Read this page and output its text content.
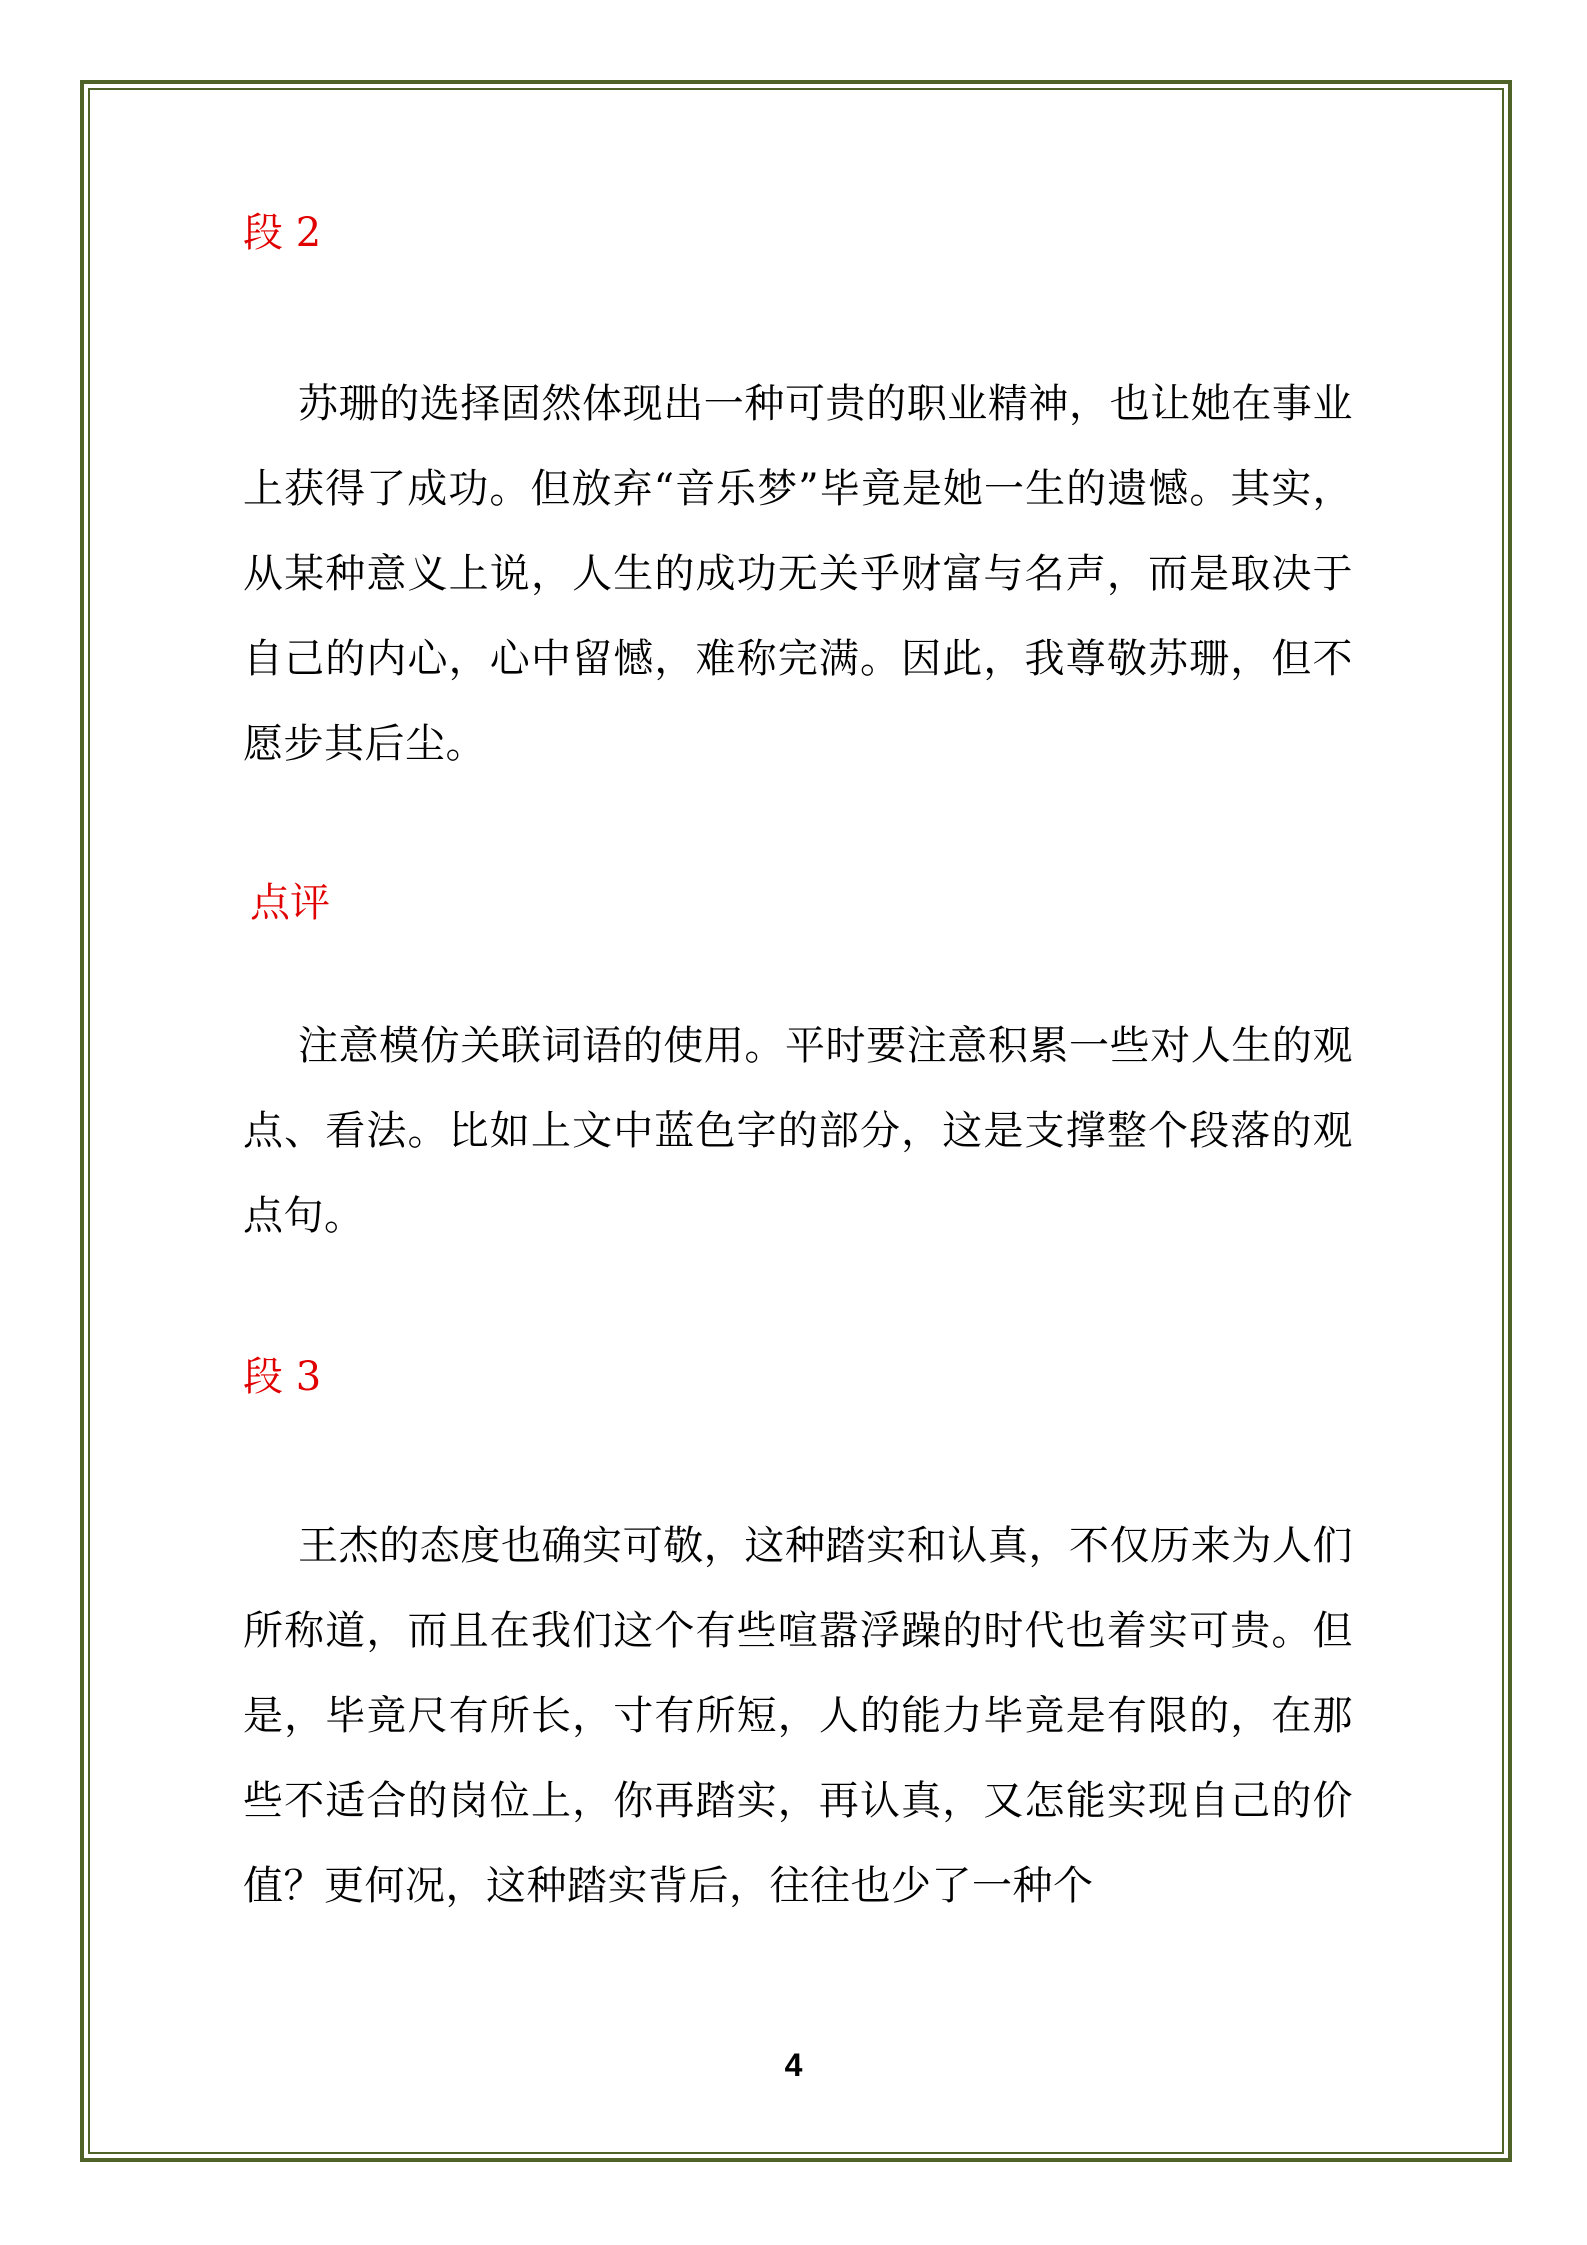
段 2
苏珊的选择固然体现出一种可贵的职业精神，也让她在事业上获得了成功。但放弃“音乐梦”毕竟是她一生的遗憾。其实，从某种意义上说，人生的成功无关乎财富与名声，而是取决于自己的内心，心中留憾，难称完满。因此，我尊敬苏珊，但不愿步其后尘。
点评
注意模仿关联词语的使用。平时要注意积累一些对人生的观点、看法。比如上文中蓝色字的部分，这是支撑整个段落的观点句。
段 3
王杰的态度也确实可敬，这种踏实和认真，不仅历来为人们所称道，而且在我们这个有些喧嚣浮躁的时代也着实可贵。但是，毕竟尺有所长，寸有所短，人的能力毕竟是有限的，在那些不适合的岗位上，你再踏实，再认真，又怎能实现自己的价值？更何况，这种踏实背后，往往也少了一种个
4
